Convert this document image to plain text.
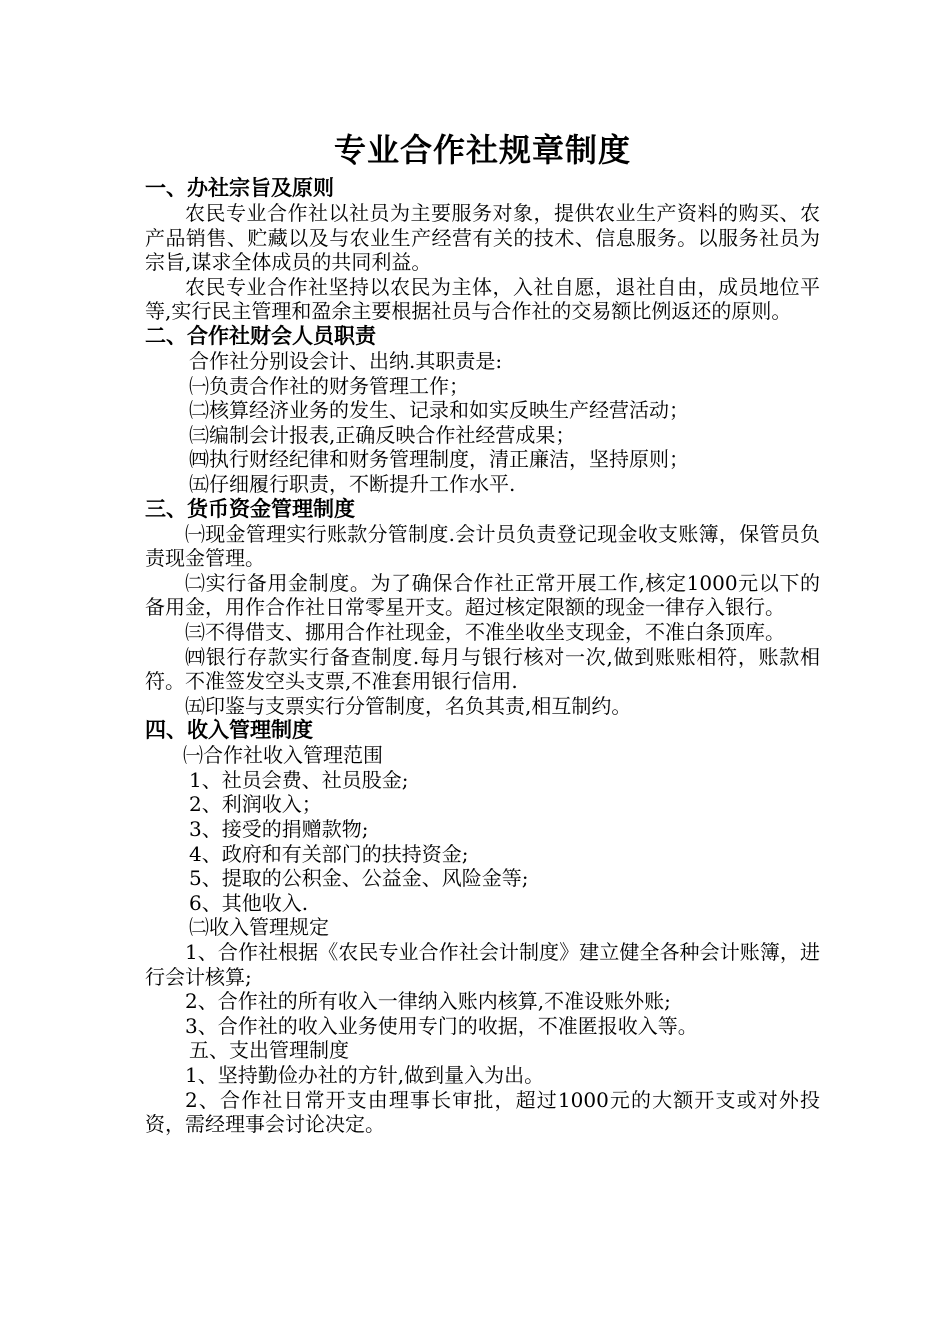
专业合作社规章制度
一、办社宗旨及原则

农民专业合作社以社员为主要服务对象，提供农业生产资料的购买、农产品销售、贮藏以及与农业生产经营有关的技术、信息服务。以服务社员为宗旨,谋求全体成员的共同利益。

农民专业合作社坚持以农民为主体，入社自愿，退社自由，成员地位平等,实行民主管理和盈余主要根据社员与合作社的交易额比例返还的原则。

二、合作社财会人员职责

合作社分别设会计、出纳.其职责是:

㈠负责合作社的财务管理工作；

㈡核算经济业务的发生、记录和如实反映生产经营活动；

㈢编制会计报表,正确反映合作社经营成果；

㈣执行财经纪律和财务管理制度，清正廉洁，坚持原则；

㈤仔细履行职责，不断提升工作水平.

三、货币资金管理制度

㈠现金管理实行账款分管制度.会计员负责登记现金收支账簿，保管员负责现金管理。

㈡实行备用金制度。为了确保合作社正常开展工作,核定1000元以下的备用金，用作合作社日常零星开支。超过核定限额的现金一律存入银行。

㈢不得借支、挪用合作社现金，不准坐收坐支现金，不准白条顶库。

㈣银行存款实行备查制度.每月与银行核对一次,做到账账相符，账款相符。不准签发空头支票,不准套用银行信用.

㈤印鉴与支票实行分管制度，名负其责,相互制约。

四、收入管理制度

㈠合作社收入管理范围

1、社员会费、社员股金;

2、利润收入；

3、接受的捐赠款物;

4、政府和有关部门的扶持资金;

5、提取的公积金、公益金、风险金等;

6、其他收入.

㈡收入管理规定

1、合作社根据《农民专业合作社会计制度》建立健全各种会计账簿，进行会计核算;

2、合作社的所有收入一律纳入账内核算,不准设账外账;

3、合作社的收入业务使用专门的收据，不准匿报收入等。

五、支出管理制度

1、坚持勤俭办社的方针,做到量入为出。

2、合作社日常开支由理事长审批，超过1000元的大额开支或对外投资，需经理事会讨论决定。
